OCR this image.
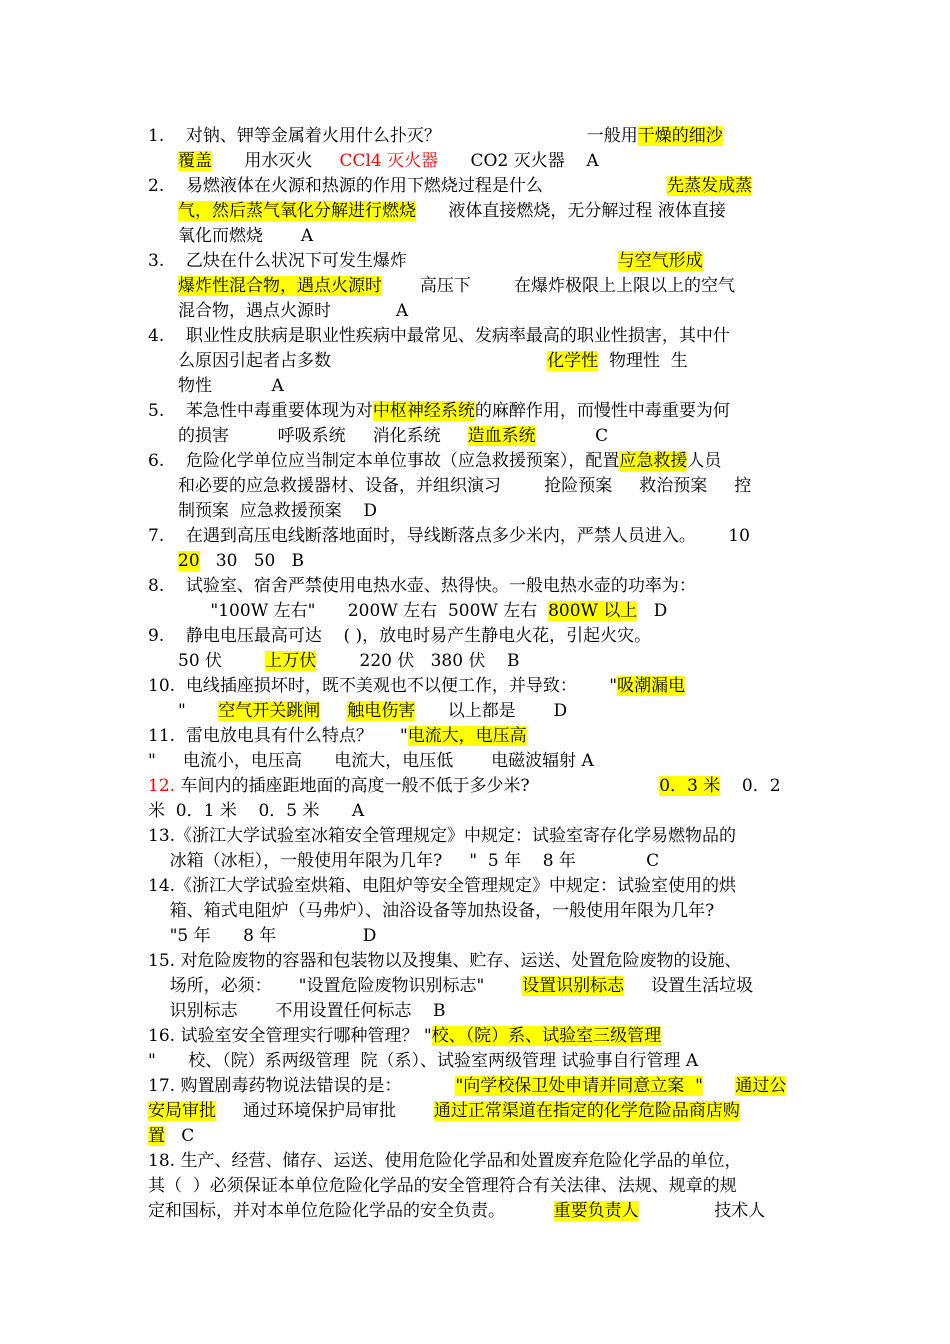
1.    对钠、钾等金属着火用什么扑灭？                           一般用干燥的细沙
覆盖      用水灭火     CCl4 灭火器      CO2 灭火器    A
2.    易燃液体在火源和热源的作用下燃烧过程是什么                       先蒸发成蒸
气，然后蒸气氧化分解进行燃烧      液体直接燃烧，无分解过程 液体直接
氧化而燃烧       A
3.    乙炔在什么状况下可发生爆炸                                       与空气形成
爆炸性混合物，遇点火源时       高压下        在爆炸极限上上限以上的空气
混合物，遇点火源时            A
4.    职业性皮肤病是职业性疾病中最常见、发病率最高的职业性损害，其中什
么原因引起者占多数                                        化学性  物理性  生
物性           A
5.    苯急性中毒重要体现为对中枢神经系统的麻醉作用，而慢性中毒重要为何
的损害         呼吸系统     消化系统     造血系统           C
6.    危险化学单位应当制定本单位事故（应急救援预案），配置应急救援人员
和必要的应急救援器材、设备，并组织演习        抢险预案     救治预案     控
制预案  应急救援预案    D
7.    在遇到高压电线断落地面时，导线断落点多少米内，严禁人员进入。      10
20   30   50   B
8.    试验室、宿舍严禁使用电热水壶、热得快。一般电热水壶的功率为：
"100W 左右"      200W 左右  500W 左右  800W 以上   D
9.    静电电压最高可达    ( )，放电时易产生静电火花，引起火灾。
50 伏        上万伏        220 伏   380 伏    B
10.  电线插座损坏时，既不美观也不以便工作，并导致：      "吸潮漏电
"      空气开关跳闸 触电伤害      以上都是       D
11.  雷电放电具有什么特点？     "电流大，电压高
"     电流小，电压高      电流大，电压低       电磁波辐射 A
12. 车间内的插座距地面的高度一般不低于多少米?                        0．3 米    0．2
米  0．1 米    0．5 米      A
13.《浙江大学试验室冰箱安全管理规定》中规定：试验室寄存化学易燃物品的
冰箱（冰柜），一般使用年限为几年?     "  5 年    8 年             C
14.《浙江大学试验室烘箱、电阻炉等安全管理规定》中规定：试验室使用的烘
箱、箱式电阻炉（马弗炉）、油浴设备等加热设备，一般使用年限为几年?
"5 年      8 年                D
15. 对危险废物的容器和包装物以及搜集、贮存、运送、处置危险废物的设施、
场所，必须：     "设置危险废物识别标志"       设置识别标志     设置生活垃圾
识别标志       不用设置任何标志    B
16. 试验室安全管理实行哪种管理？ "校、（院）系、试验室三级管理
"      校、（院）系两级管理  院（系）、试验室两级管理 试验事自行管理 A
17. 购置剧毒药物说法错误的是：          "向学校保卫处申请并同意立案  " 通过公
安局审批     通过环境保护局审批       通过正常渠道在指定的化学危险品商店购
置   C
18. 生产、经营、储存、运送、使用危险化学品和处置废弃危险化学品的单位，
其（  ）必须保证本单位危险化学品的安全管理符合有关法律、法规、规章的规
定和国标，并对本单位危险化学品的安全负责。         重要负责人              技术人
